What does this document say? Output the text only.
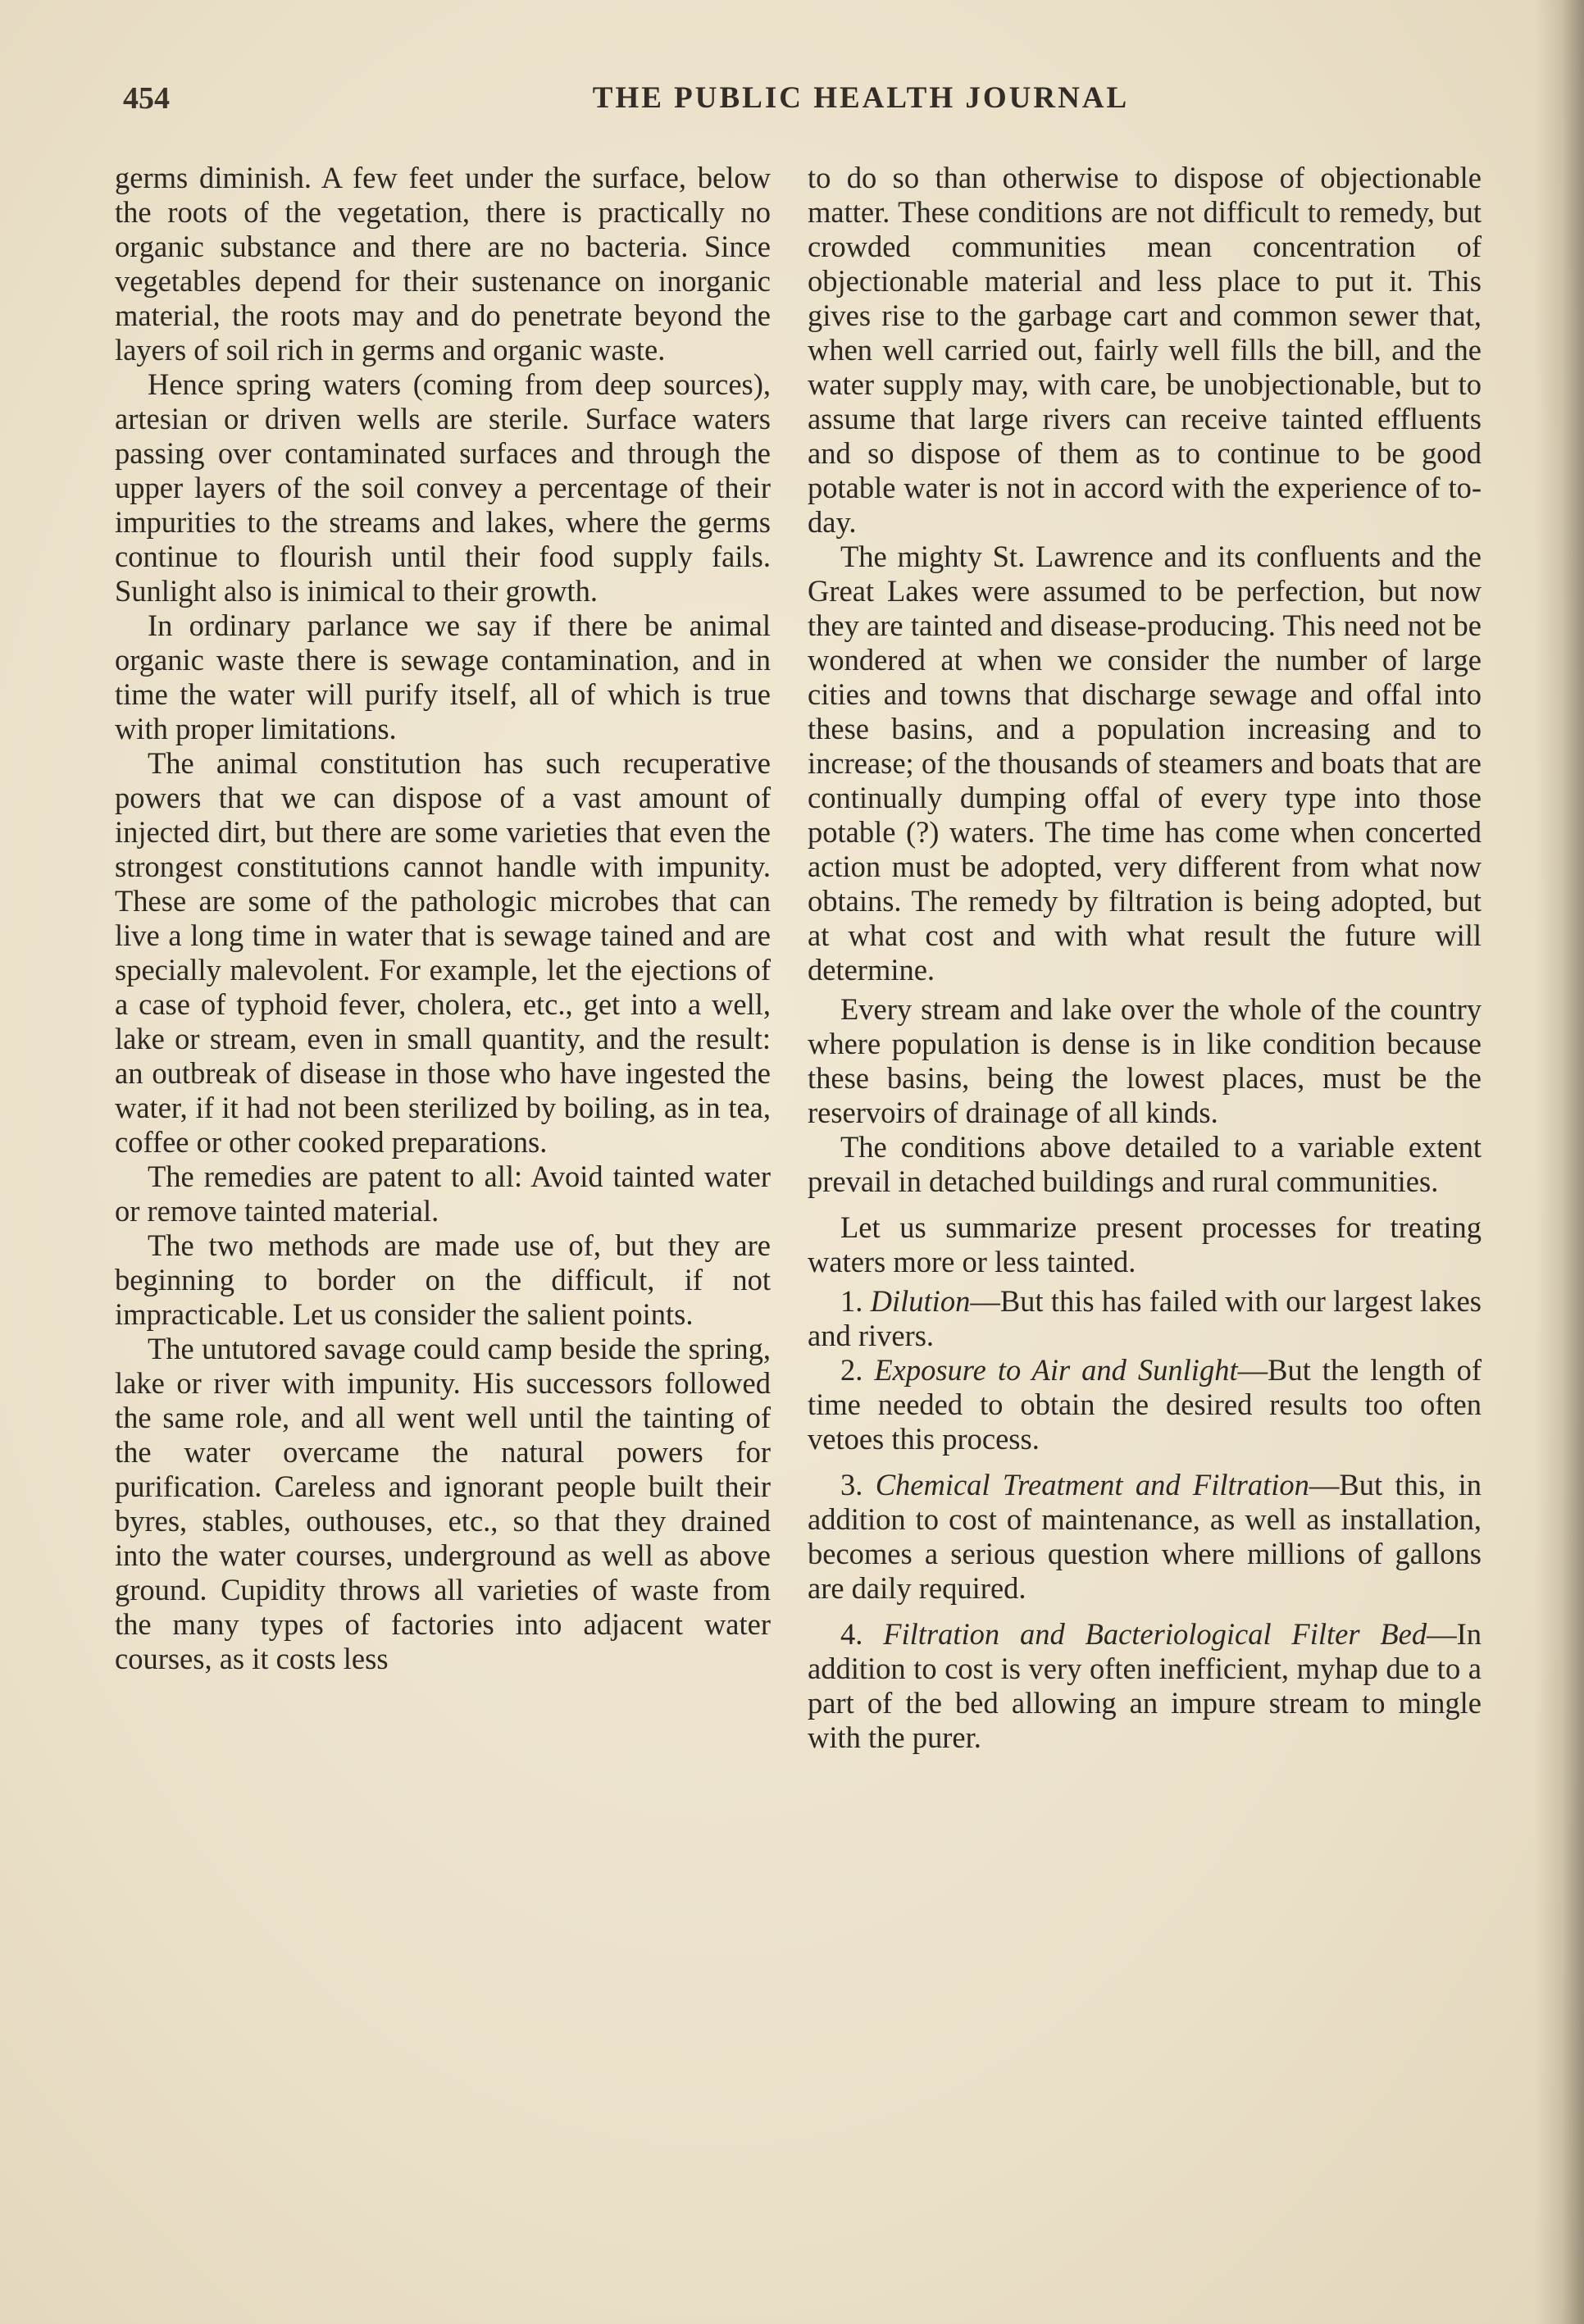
454	THE PUBLIC HEALTH JOURNAL

germs diminish. A few feet under the surface, below the roots of the vegetation, there is practically no organic substance and there are no bacteria. Since vegetables depend for their sustenance on inorganic material, the roots may and do penetrate beyond the layers of soil rich in germs and organic waste.

Hence spring waters (coming from deep sources), artesian or driven wells are sterile. Surface waters passing over contaminated surfaces and through the upper layers of the soil convey a percentage of their impurities to the streams and lakes, where the germs continue to flourish until their food supply fails. Sunlight also is inimical to their growth.

In ordinary parlance we say if there be animal organic waste there is sewage contamination, and in time the water will purify itself, all of which is true with proper limitations.

The animal constitution has such recuperative powers that we can dispose of a vast amount of injected dirt, but there are some varieties that even the strongest constitutions cannot handle with impunity. These are some of the pathologic microbes that can live a long time in water that is sewage tained and are specially malevolent. For example, let the ejections of a case of typhoid fever, cholera, etc., get into a well, lake or stream, even in small quantity, and the result: an outbreak of disease in those who have ingested the water, if it had not been sterilized by boiling, as in tea, coffee or other cooked preparations.

The remedies are patent to all: Avoid tainted water or remove tainted material.

The two methods are made use of, but they are beginning to border on the difficult, if not impracticable. Let us consider the salient points.

The untutored savage could camp beside the spring, lake or river with impunity. His successors followed the same role, and all went well until the tainting of the water overcame the natural powers for purification. Careless and ignorant people built their byres, stables, outhouses, etc., so that they drained into the water courses, underground as well as above ground. Cupidity throws all varieties of waste from the many types of factories into adjacent water courses, as it costs less

to do so than otherwise to dispose of objectionable matter. These conditions are not difficult to remedy, but crowded communities mean concentration of objectionable material and less place to put it. This gives rise to the garbage cart and common sewer that, when well carried out, fairly well fills the bill, and the water supply may, with care, be unobjectionable, but to assume that large rivers can receive tainted effluents and so dispose of them as to continue to be good potable water is not in accord with the experience of to-day.

The mighty St. Lawrence and its confluents and the Great Lakes were assumed to be perfection, but now they are tainted and disease-producing. This need not be wondered at when we consider the number of large cities and towns that discharge sewage and offal into these basins, and a population increasing and to increase; of the thousands of steamers and boats that are continually dumping offal of every type into those potable (?) waters. The time has come when concerted action must be adopted, very different from what now obtains. The remedy by filtration is being adopted, but at what cost and with what result the future will determine.

Every stream and lake over the whole of the country where population is dense is in like condition because these basins, being the lowest places, must be the reservoirs of drainage of all kinds.

The conditions above detailed to a variable extent prevail in detached buildings and rural communities.

Let us summarize present processes for treating waters more or less tainted.

1. Dilution—But this has failed with our largest lakes and rivers.

2. Exposure to Air and Sunlight—But the length of time needed to obtain the desired results too often vetoes this process.

3. Chemical Treatment and Filtration—But this, in addition to cost of maintenance, as well as installation, becomes a serious question where millions of gallons are daily required.

4. Filtration and Bacteriological Filter Bed—In addition to cost is very often inefficient, myhap due to a part of the bed allowing an impure stream to mingle with the purer.
